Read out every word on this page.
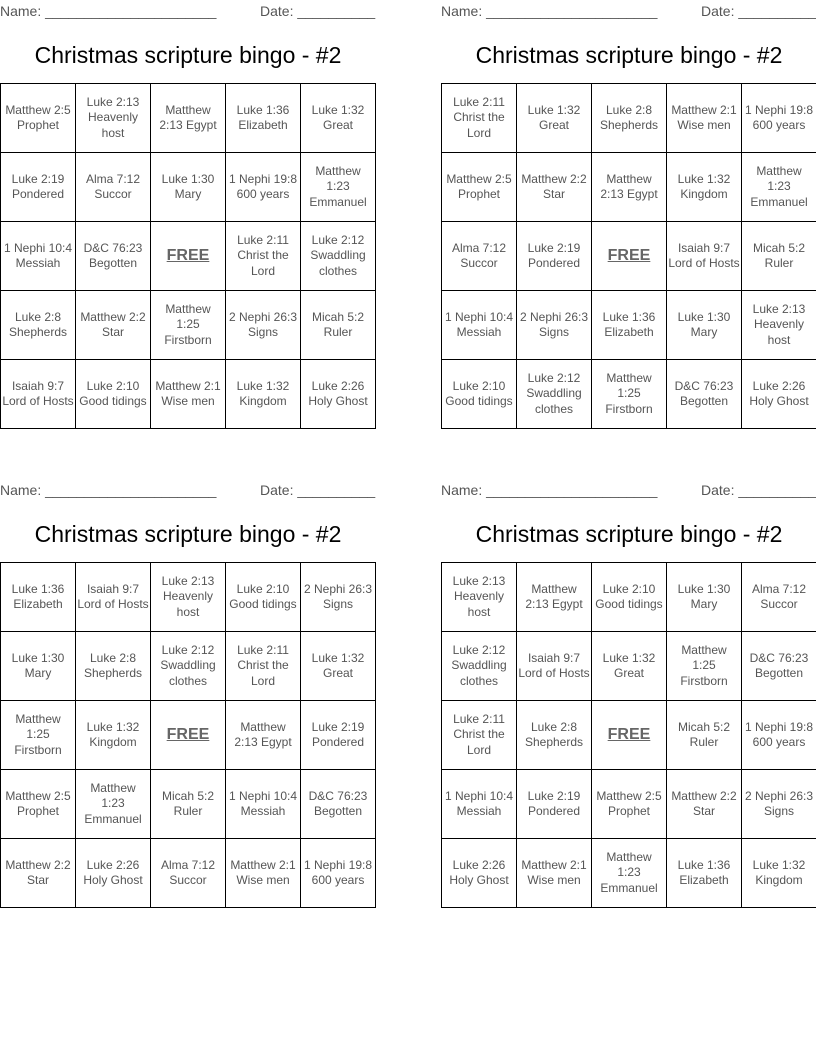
Name: ______________________	Date: __________
Christmas scripture bingo - #2
Matthew 2:5 Prophet	Luke 2:13 Heavenly host	Matthew 2:13 Egypt	Luke 1:36 Elizabeth	Luke 1:32 Great
Luke 2:19 Pondered	Alma 7:12 Succor	Luke 1:30 Mary	1 Nephi 19:8 600 years	Matthew 1:23 Emmanuel
1 Nephi 10:4 Messiah	D&C 76:23 Begotten	FREE	Luke 2:11 Christ the Lord	Luke 2:12 Swaddling clothes
Luke 2:8 Shepherds	Matthew 2:2 Star	Matthew 1:25 Firstborn	2 Nephi 26:3 Signs	Micah 5:2 Ruler
Isaiah 9:7 Lord of Hosts	Luke 2:10 Good tidings	Matthew 2:1 Wise men	Luke 1:32 Kingdom	Luke 2:26 Holy Ghost
Name: ______________________	Date: __________
Christmas scripture bingo - #2
Luke 2:11 Christ the Lord	Luke 1:32 Great	Luke 2:8 Shepherds	Matthew 2:1 Wise men	1 Nephi 19:8 600 years
Matthew 2:5 Prophet	Matthew 2:2 Star	Matthew 2:13 Egypt	Luke 1:32 Kingdom	Matthew 1:23 Emmanuel
Alma 7:12 Succor	Luke 2:19 Pondered	FREE	Isaiah 9:7 Lord of Hosts	Micah 5:2 Ruler
1 Nephi 10:4 Messiah	2 Nephi 26:3 Signs	Luke 1:36 Elizabeth	Luke 1:30 Mary	Luke 2:13 Heavenly host
Luke 2:10 Good tidings	Luke 2:12 Swaddling clothes	Matthew 1:25 Firstborn	D&C 76:23 Begotten	Luke 2:26 Holy Ghost
Name: ______________________	Date: __________
Christmas scripture bingo - #2
Luke 1:36 Elizabeth	Isaiah 9:7 Lord of Hosts	Luke 2:13 Heavenly host	Luke 2:10 Good tidings	2 Nephi 26:3 Signs
Luke 1:30 Mary	Luke 2:8 Shepherds	Luke 2:12 Swaddling clothes	Luke 2:11 Christ the Lord	Luke 1:32 Great
Matthew 1:25 Firstborn	Luke 1:32 Kingdom	FREE	Matthew 2:13 Egypt	Luke 2:19 Pondered
Matthew 2:5 Prophet	Matthew 1:23 Emmanuel	Micah 5:2 Ruler	1 Nephi 10:4 Messiah	D&C 76:23 Begotten
Matthew 2:2 Star	Luke 2:26 Holy Ghost	Alma 7:12 Succor	Matthew 2:1 Wise men	1 Nephi 19:8 600 years
Name: ______________________	Date: __________
Christmas scripture bingo - #2
Luke 2:13 Heavenly host	Matthew 2:13 Egypt	Luke 2:10 Good tidings	Luke 1:30 Mary	Alma 7:12 Succor
Luke 2:12 Swaddling clothes	Isaiah 9:7 Lord of Hosts	Luke 1:32 Great	Matthew 1:25 Firstborn	D&C 76:23 Begotten
Luke 2:11 Christ the Lord	Luke 2:8 Shepherds	FREE	Micah 5:2 Ruler	1 Nephi 19:8 600 years
1 Nephi 10:4 Messiah	Luke 2:19 Pondered	Matthew 2:5 Prophet	Matthew 2:2 Star	2 Nephi 26:3 Signs
Luke 2:26 Holy Ghost	Matthew 2:1 Wise men	Matthew 1:23 Emmanuel	Luke 1:36 Elizabeth	Luke 1:32 Kingdom
